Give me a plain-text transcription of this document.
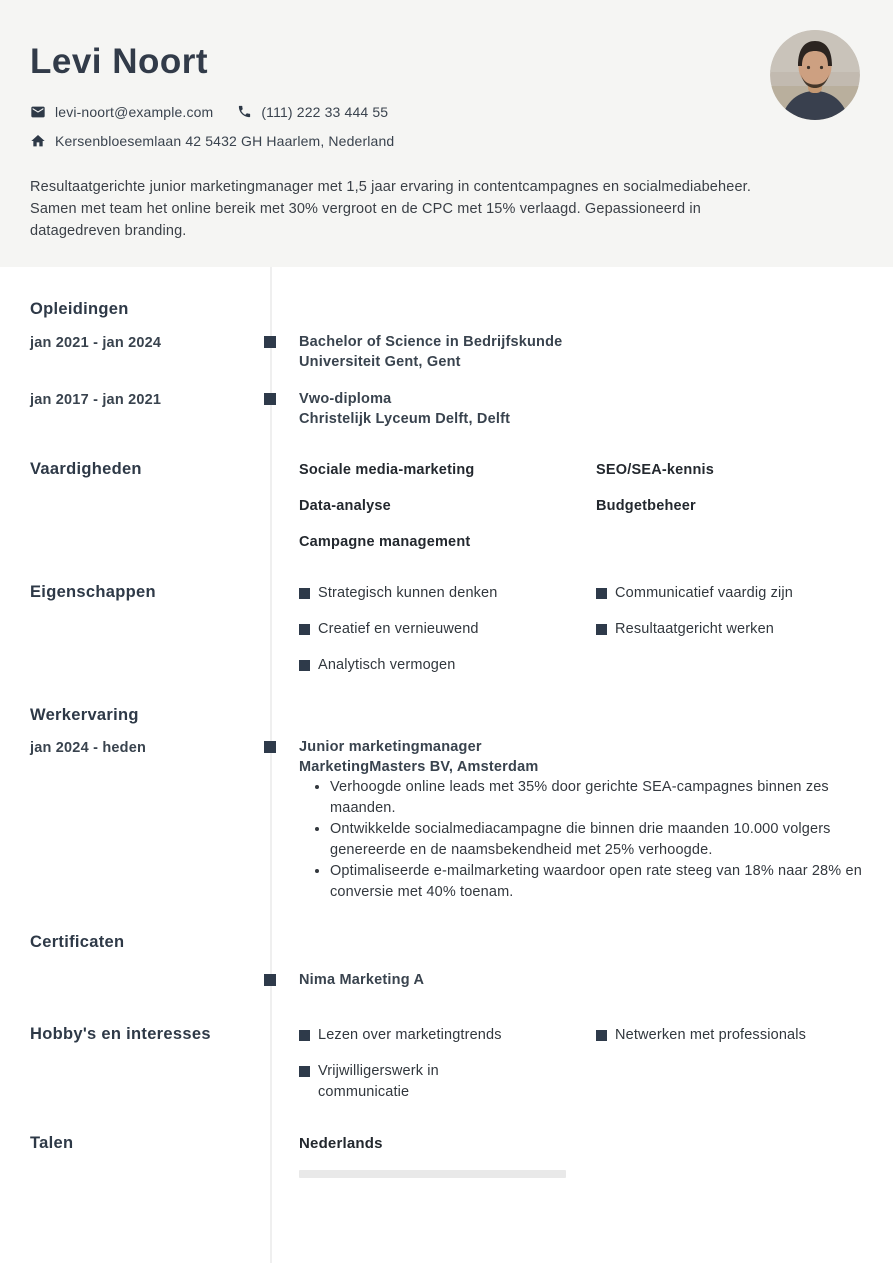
Levi Noort
levi-noort@example.com	(111) 222 33 444 55
Kersenbloesemlaan 42 5432 GH Haarlem, Nederland

Resultaatgerichte junior marketingmanager met 1,5 jaar ervaring in contentcampagnes en socialmediabeheer. Samen met team het online bereik met 30% vergroot en de CPC met 15% verlaagd. Gepassioneerd in datagedreven branding.

Opleidingen
jan 2021 - jan 2024	Bachelor of Science in Bedrijfskunde
Universiteit Gent, Gent
jan 2017 - jan 2021	Vwo-diploma
Christelijk Lyceum Delft, Delft
Vaardigheden	Sociale media-marketing	SEO/SEA-kennis
Data-analyse	Budgetbeheer
Campagne management
Eigenschappen	Strategisch kunnen denken	Communicatief vaardig zijn
Creatief en vernieuwend	Resultaatgericht werken
Analytisch vermogen
Werkervaring
jan 2024 - heden	Junior marketingmanager
MarketingMasters BV, Amsterdam
• Verhoogde online leads met 35% door gerichte SEA-campagnes binnen zes maanden.
• Ontwikkelde socialmediacampagne die binnen drie maanden 10.000 volgers genereerde en de naamsbekendheid met 25% verhoogde.
• Optimaliseerde e-mailmarketing waardoor open rate steeg van 18% naar 28% en conversie met 40% toenam.
Certificaten
Nima Marketing A
Hobby's en interesses	Lezen over marketingtrends	Netwerken met professionals
Vrijwilligerswerk in communicatie
Talen	Nederlands
